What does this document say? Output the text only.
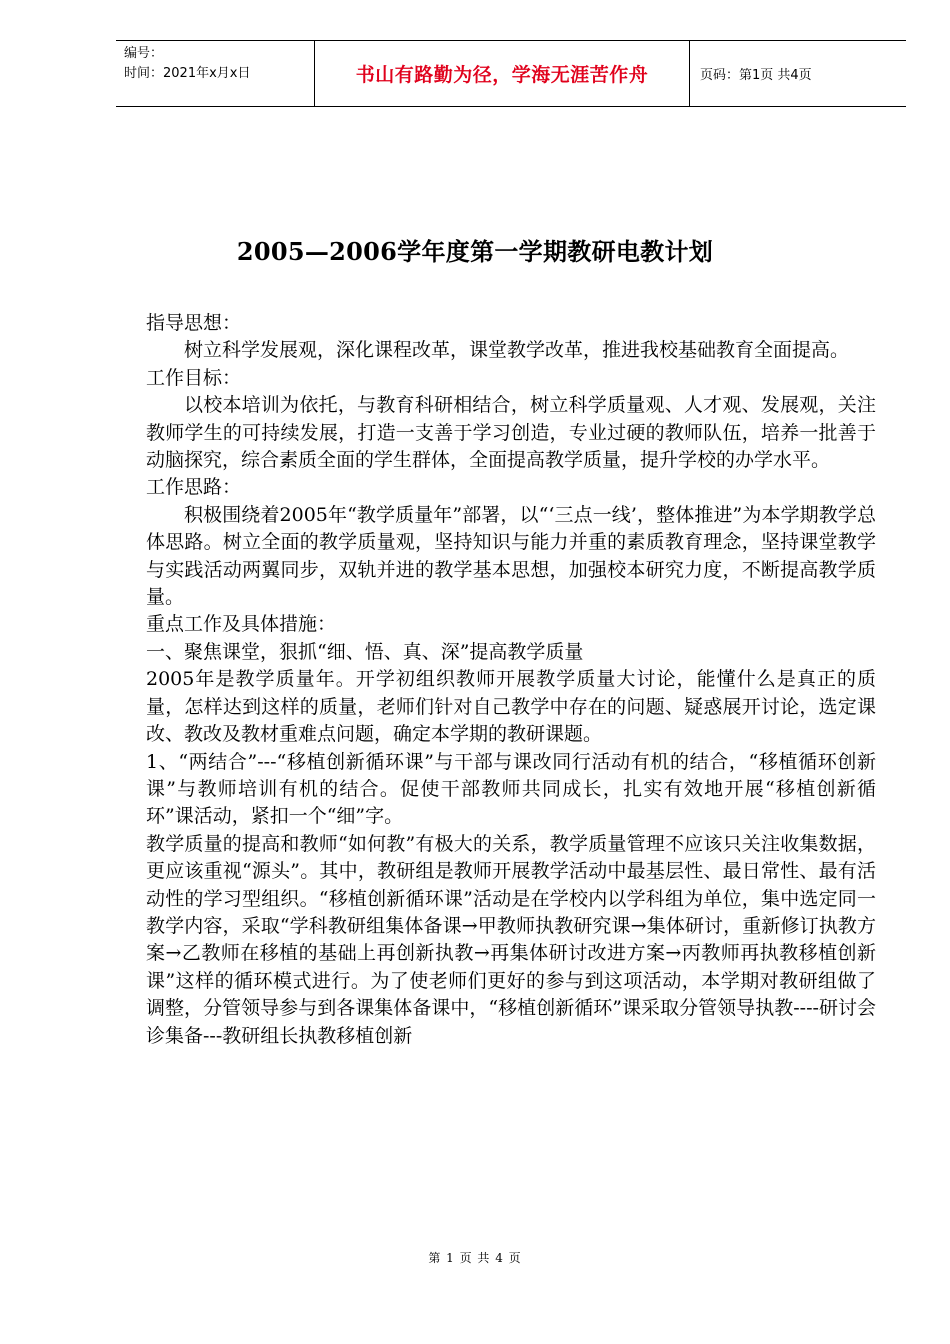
编号：
时间：2021年x月x日	书山有路勤为径，学海无涯苦作舟	页码：第1页 共4页
2005—2006学年度第一学期教研电教计划

指导思想：

树立科学发展观，深化课程改革，课堂教学改革，推进我校基础教育全面提高。

工作目标：

以校本培训为依托，与教育科研相结合，树立科学质量观、人才观、发展观，关注教师学生的可持续发展，打造一支善于学习创造，专业过硬的教师队伍，培养一批善于动脑探究，综合素质全面的学生群体，全面提高教学质量，提升学校的办学水平。

工作思路：

积极围绕着2005年“教学质量年”部署，以“‘三点一线’，整体推进”为本学期教学总体思路。树立全面的教学质量观，坚持知识与能力并重的素质教育理念，坚持课堂教学与实践活动两翼同步，双轨并进的教学基本思想，加强校本研究力度，不断提高教学质量。

重点工作及具体措施：

一、聚焦课堂，狠抓“细、悟、真、深”提高教学质量

2005年是教学质量年。开学初组织教师开展教学质量大讨论，能懂什么是真正的质量，怎样达到这样的质量，老师们针对自己教学中存在的问题、疑惑展开讨论，选定课改、教改及教材重难点问题，确定本学期的教研课题。

1、“两结合”---“移植创新循环课”与干部与课改同行活动有机的结合，“移植循环创新课”与教师培训有机的结合。促使干部教师共同成长，扎实有效地开展“移植创新循环”课活动，紧扣一个“细”字。

教学质量的提高和教师“如何教”有极大的关系，教学质量管理不应该只关注收集数据，更应该重视“源头”。其中，教研组是教师开展教学活动中最基层性、最日常性、最有活动性的学习型组织。“移植创新循环课”活动是在学校内以学科组为单位，集中选定同一教学内容，采取“学科教研组集体备课→甲教师执教研究课→集体研讨，重新修订执教方案→乙教师在移植的基础上再创新执教→再集体研讨改进方案→丙教师再执教移植创新课”这样的循环模式进行。为了使老师们更好的参与到这项活动，本学期对教研组做了调整，分管领导参与到各课集体备课中，“移植创新循环”课采取分管领导执教----研讨会诊集备---教研组长执教移植创新

第 1 页 共 4 页
